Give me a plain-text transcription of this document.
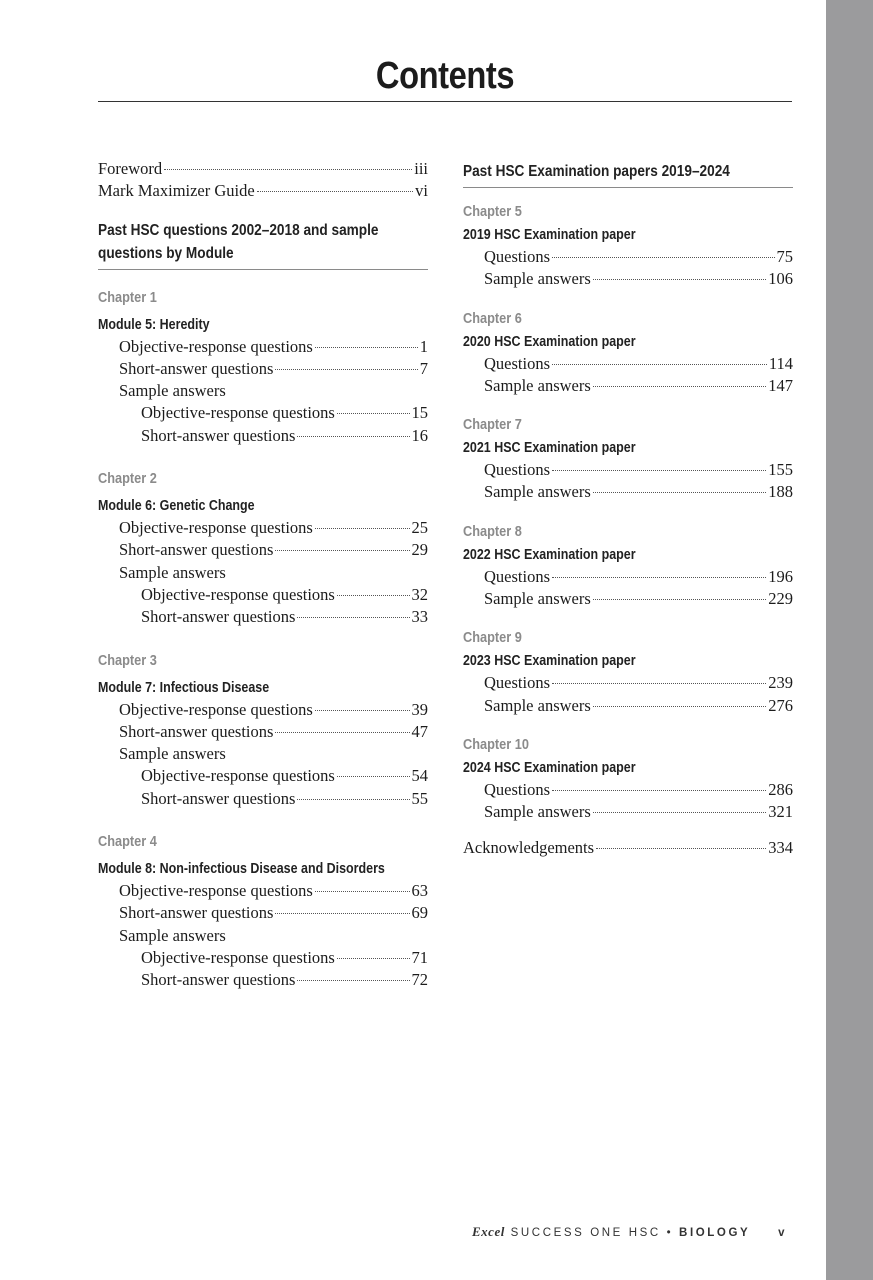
Contents
Foreword	iii
Mark Maximizer Guide	vi
Past HSC questions 2002–2018 and sample
questions by Module
Chapter 1
Module 5: Heredity
Objective-response questions	1
Short-answer questions	7
Sample answers
Objective-response questions	15
Short-answer questions	16
Chapter 2
Module 6: Genetic Change
Objective-response questions	25
Short-answer questions	29
Sample answers
Objective-response questions	32
Short-answer questions	33
Chapter 3
Module 7: Infectious Disease
Objective-response questions	39
Short-answer questions	47
Sample answers
Objective-response questions	54
Short-answer questions	55
Chapter 4
Module 8: Non-infectious Disease and Disorders
Objective-response questions	63
Short-answer questions	69
Sample answers
Objective-response questions	71
Short-answer questions	72
Past HSC Examination papers 2019–2024
Chapter 5
2019 HSC Examination paper
Questions	75
Sample answers	106
Chapter 6
2020 HSC Examination paper
Questions	114
Sample answers	147
Chapter 7
2021 HSC Examination paper
Questions	155
Sample answers	188
Chapter 8
2022 HSC Examination paper
Questions	196
Sample answers	229
Chapter 9
2023 HSC Examination paper
Questions	239
Sample answers	276
Chapter 10
2024 HSC Examination paper
Questions	286
Sample answers	321
Acknowledgements	334
Excel SUCCESS ONE HSC • BIOLOGY v
